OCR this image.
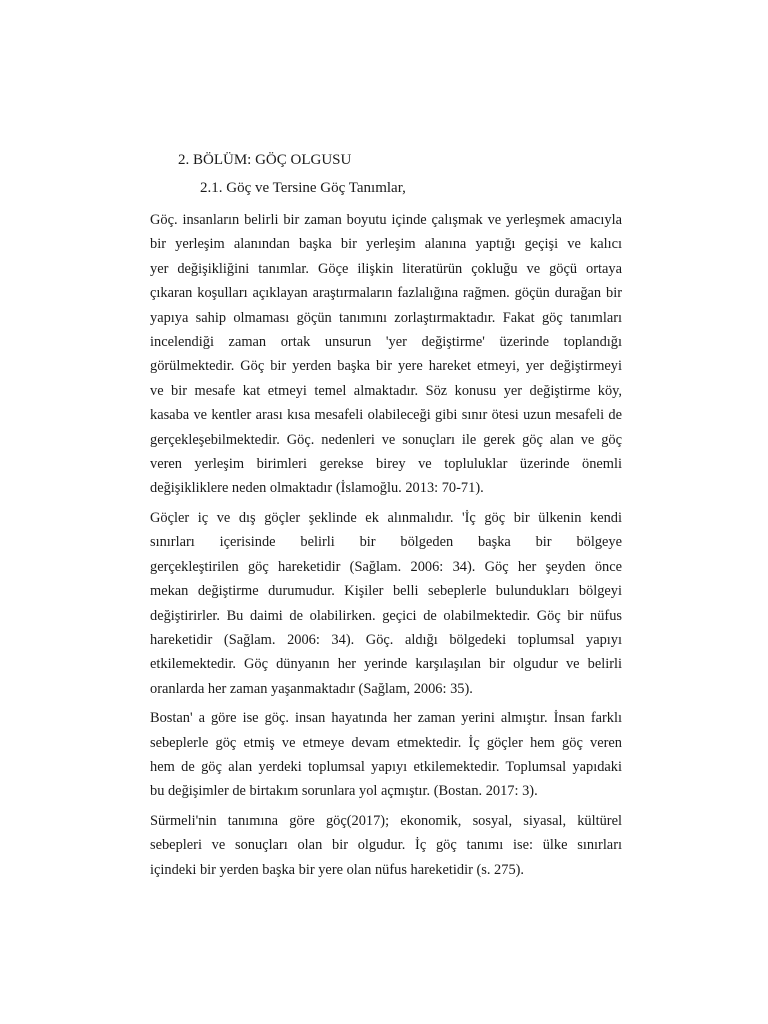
2. BÖLÜM: GÖÇ OLGUSU
2.1. Göç ve Tersine Göç Tanımlar,

Göç. insanların belirli bir zaman boyutu içinde çalışmak ve yerleşmek amacıyla
bir yerleşim alanından başka bir yerleşim alanına yaptığı geçişi ve kalıcı
yer değişikliğini tanımlar. Göçe ilişkin literatürün çokluğu ve göçü ortaya
çıkaran koşulları açıklayan araştırmaların fazlalığına rağmen. göçün durağan bir
yapıya sahip olmaması göçün tanımını zorlaştırmaktadır. Fakat göç tanımları
incelendiği zaman ortak unsurun 'yer değiştirme' üzerinde toplandığı
görülmektedir. Göç bir yerden başka bir yere hareket etmeyi, yer değiştirmeyi
ve bir mesafe kat etmeyi temel almaktadır. Söz konusu yer değiştirme köy,
kasaba ve kentler arası kısa mesafeli olabileceği gibi sınır ötesi uzun mesafeli de
gerçekleşebilmektedir. Göç. nedenleri ve sonuçları ile gerek göç alan ve göç
veren yerleşim birimleri gerekse birey ve topluluklar üzerinde önemli
değişikliklere neden olmaktadır (İslamoğlu. 2013: 70-71).

Göçler iç ve dış göçler şeklinde ek alınmalıdır. 'İç göç bir ülkenin kendi
sınırları içerisinde belirli bir bölgeden başka bir bölgeye
gerçekleştirilen göç hareketidir (Sağlam. 2006: 34). Göç her şeyden önce
mekan değiştirme durumudur. Kişiler belli sebeplerle bulundukları bölgeyi
değiştirirler. Bu daimi de olabilirken. geçici de olabilmektedir. Göç bir nüfus
hareketidir (Sağlam. 2006: 34). Göç. aldığı bölgedeki toplumsal yapıyı
etkilemektedir. Göç dünyanın her yerinde karşılaşılan bir olgudur ve belirli
oranlarda her zaman yaşanmaktadır (Sağlam, 2006: 35).

Bostan' a göre ise göç. insan hayatında her zaman yerini almıştır. İnsan farklı
sebeplerle göç etmiş ve etmeye devam etmektedir. İç göçler hem göç veren
hem de göç alan yerdeki toplumsal yapıyı etkilemektedir. Toplumsal yapıdaki
bu değişimler de birtakım sorunlara yol açmıştır. (Bostan. 2017: 3).

Sürmeli'nin tanımına göre göç(2017); ekonomik, sosyal, siyasal, kültürel
sebepleri ve sonuçları olan bir olgudur. İç göç tanımı ise: ülke sınırları
içindeki bir yerden başka bir yere olan nüfus hareketidir (s. 275).
